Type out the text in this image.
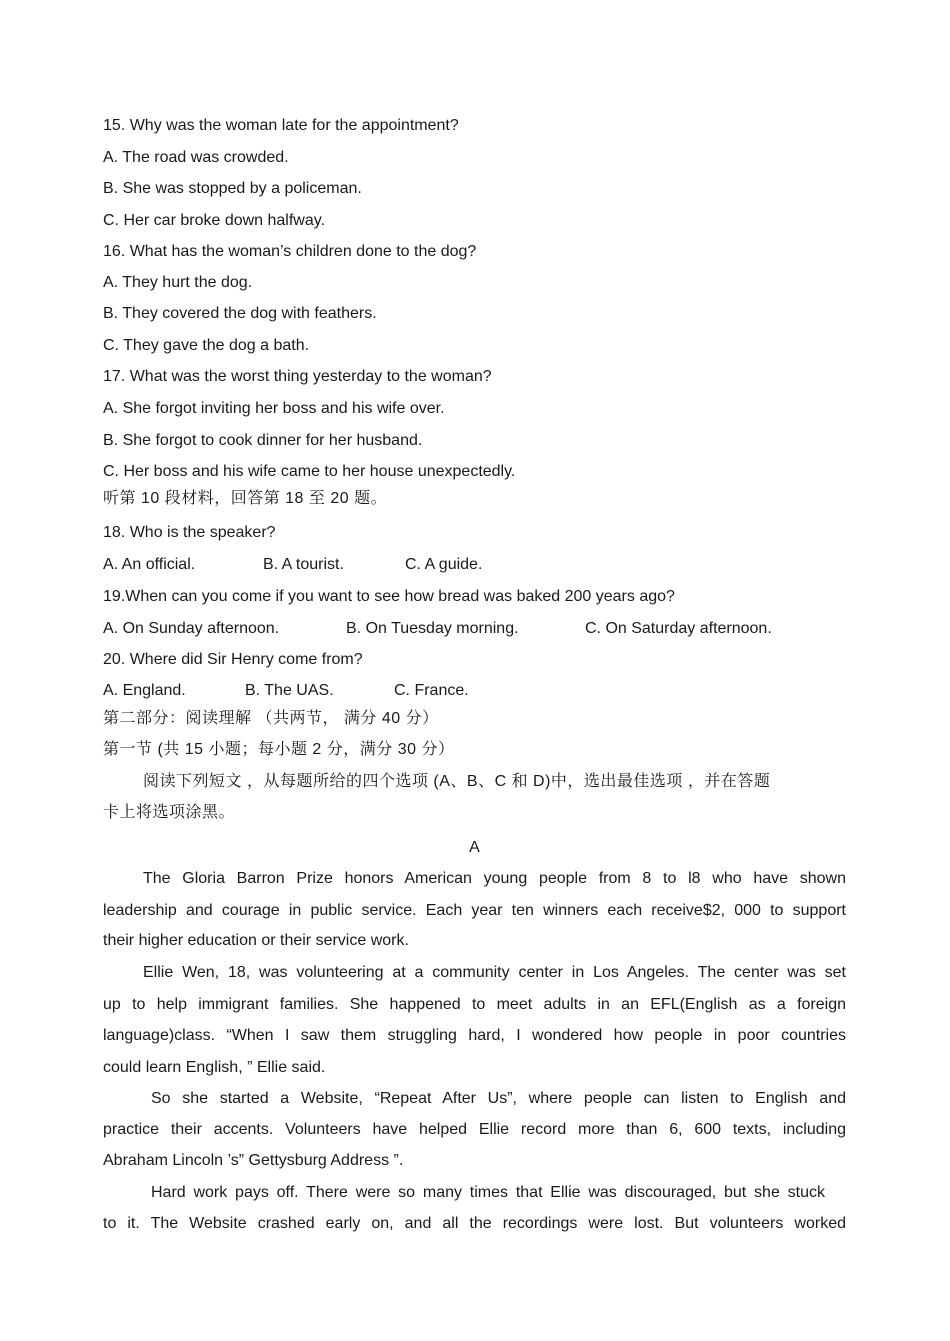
15. Why was the woman late for the appointment?
A. The road was crowded.
B. She was stopped by a policeman.
C. Her car broke down halfway.
16. What has the woman’s children done to the dog?
A. They hurt the dog.
B. They covered the dog with feathers.
C. They gave the dog a bath.
17. What was the worst thing yesterday to the woman?
A. She forgot inviting her boss and his wife over.
B. She forgot to cook dinner for her husband.
C. Her boss and his wife came to her house unexpectedly.
听第 10 段材料，回答第 18 至 20 题。
18. Who is the speaker?
A. An official.	B. A tourist.	C. A guide.
19.When can you come if you want to see how bread was baked 200 years ago?
A. On Sunday afternoon.	B. On Tuesday morning.	C. On Saturday afternoon.
20. Where did Sir Henry come from?
A. England.	B. The UAS.	C. France.
第二部分：阅读理解 （共两节， 满分 40 分）
第一节 (共 15 小题；每小题 2 分，满分 30 分）
阅读下列短文 ，从每题所给的四个选项 (A、B、C 和 D)中，选出最佳选项 ，并在答题
卡上将选项涂黑。
A
The Gloria Barron Prize honors American young people from 8 to l8 who have shown
leadership and courage in public service. Each year ten winners each receive$2, 000 to support
their higher education or their service work.
Ellie Wen, 18, was volunteering at a community center in Los Angeles. The center was set
up to help immigrant families. She happened to meet adults in an EFL(English as a foreign
language)class. “When I saw them struggling hard, I wondered how people in poor countries
could learn English, ” Ellie said.
So she started a Website, “Repeat After Us”, where people can listen to English and
practice their accents. Volunteers have helped Ellie record more than 6, 600 texts, including
Abraham Lincoln ’s” Gettysburg Address ”.
Hard work pays off. There were so many times that Ellie was discouraged, but she stuck
to it. The Website crashed early on, and all the recordings were lost. But volunteers worked
